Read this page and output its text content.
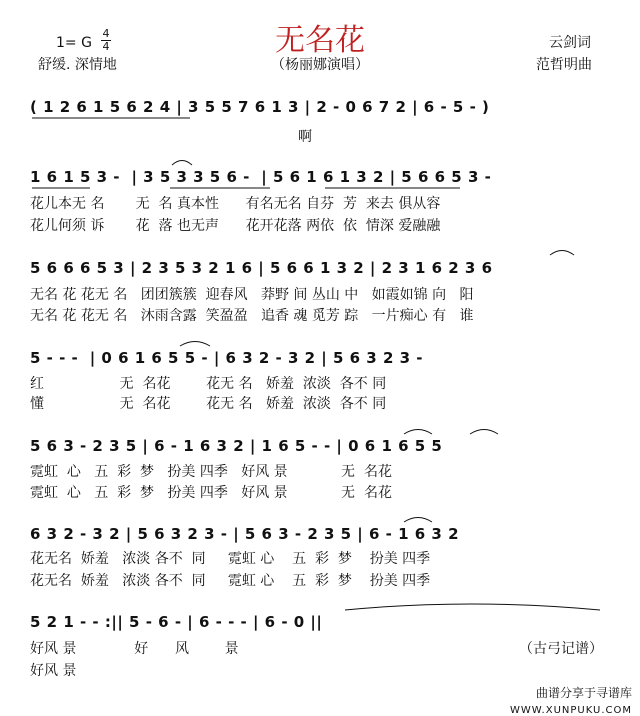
无名花
1= G $\frac{4}{4}$
舒缓. 深情地
云剑词
（杨丽娜演唱）	范哲明曲
( 1 2 6 1 5 6 2 4 | 3 5 5 7 6 1 3 | 2 - 0 6 7 2 | 6 - 5 - )
啊
1 6 1 5 3 -  | 3 5 3 3 5 6 -  | 5 6 1 6 1 3 2 | 5 6 6 5 3 -
花儿本无 名       无  名 真本性      有名无名 自芬  芳  来去 俱从容
花儿何须 诉       花  落 也无声      花开花落 两依  依  情深 爱融融
5 6 6 6 5 3 | 2 3 5 3 2 1 6 | 5 6 6 1 3 2 | 2 3 1 6 2 3 6
无名 花 花无 名   团团簇簇  迎春风   莽野 间 丛山 中   如霞如锦 向   阳
无名 花 花无 名   沐雨含露  笑盈盈   追香 魂 觅芳 踪   一片痴心 有   谁
5 - - -  | 0 6 1 6 5 5 - | 6 3 2 - 3 2 | 5 6 3 2 3 -
红                 无  名花        花无 名   娇羞  浓淡  各不 同
懂                 无  名花        花无 名   娇羞  浓淡  各不 同
5 6 3 - 2 3 5 | 6 - 1 6 3 2 | 1 6 5 - - | 0 6 1 6 5 5
霓虹  心   五  彩  梦   扮美 四季   好风 景            无  名花
霓虹  心   五  彩  梦   扮美 四季   好风 景            无  名花
6 3 2 - 3 2 | 5 6 3 2 3 - | 5 6 3 - 2 3 5 | 6 - 1 6 3 2
花无名  娇羞   浓淡 各不  同     霓虹 心    五  彩  梦    扮美 四季
花无名  娇羞   浓淡 各不  同     霓虹 心    五  彩  梦    扮美 四季
5 2 1 - - :|| 5 - 6 - | 6 - - - | 6 - 0 ||
好风 景             好      风        景
好风 景
（古弓记谱）
曲谱分享于寻谱库
WWW.XUNPUKU.COM
